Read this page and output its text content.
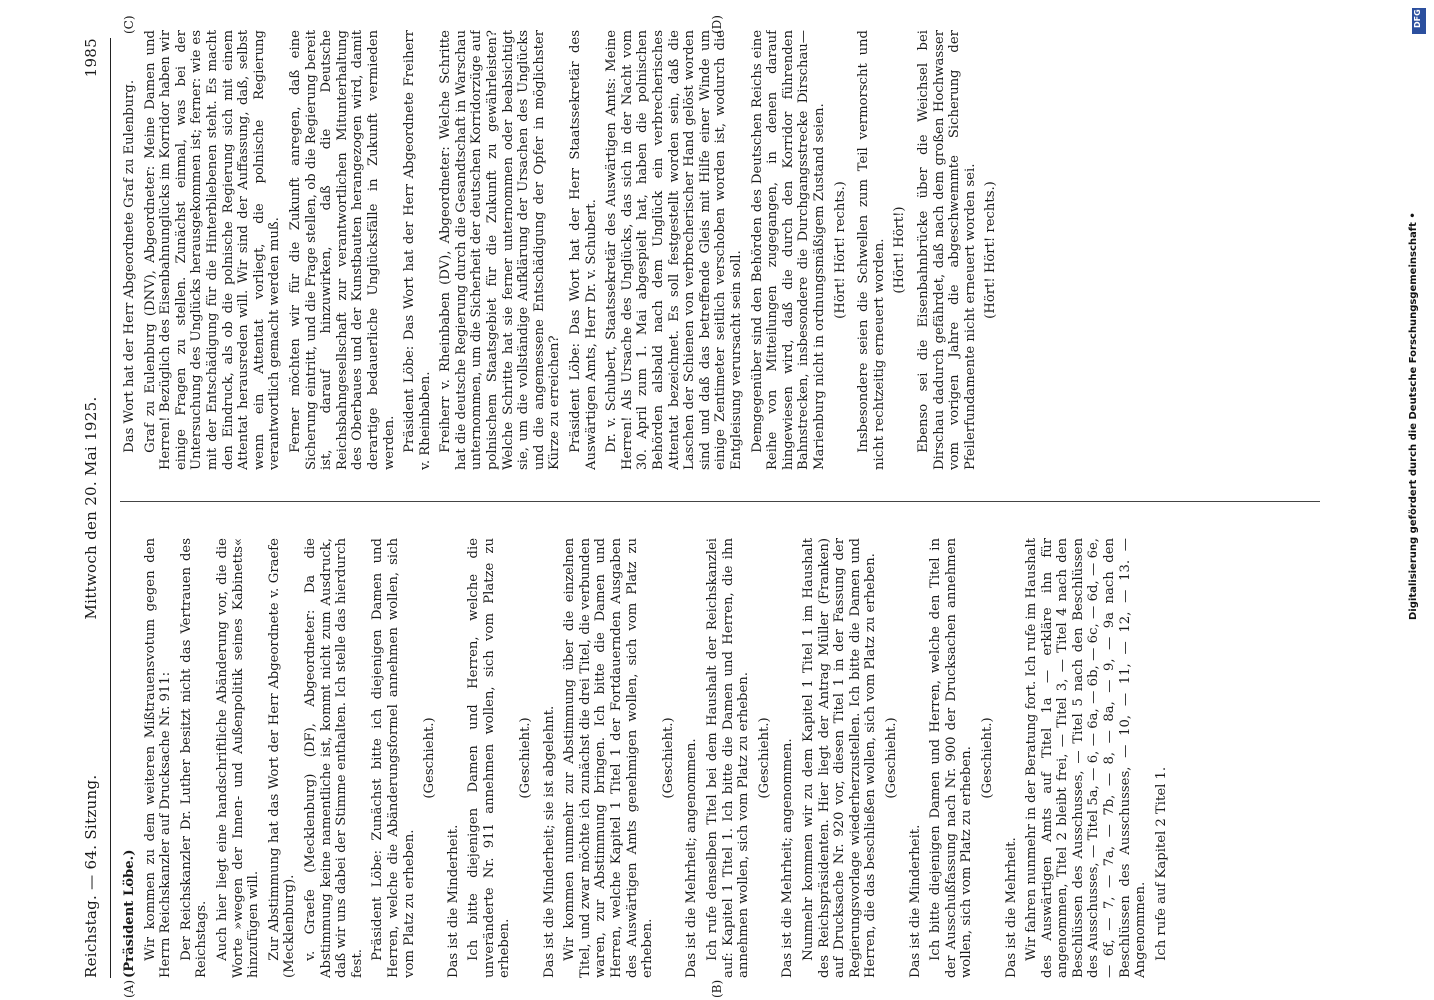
Reichstag. — 64. Sitzung.
Mittwoch den 20. Mai 1925.
1985
(A)	(B)
(C)	(D)

(Präsident Löbe.) Wir kommen zu dem weiteren Mißtrauensvotum gegen den Herrn Reichskanzler auf Drucksache Nr. 911: Der Reichskanzler Dr. Luther besitzt nicht das Vertrauen des Reichstags. Auch hier liegt eine handschriftliche Abänderung vor, die die Worte »wegen der Innen- und Außenpolitik seines Kabinetts« hinzufügen will. Zur Abstimmung hat das Wort der Herr Abgeordnete v. Graefe (Mecklenburg). v. Graefe (Mecklenburg) (DF), Abgeordneter: Da die Abstimmung keine namentliche ist, kommt nicht zum Ausdruck, daß wir uns dabei der Stimme enthalten. Ich stelle das hierdurch fest.

Präsident Löbe: Zunächst bitte ich diejenigen Damen und Herren, welche die Abänderungsformel annehmen wollen, sich vom Platz zu erheben.

(Geschieht.)

Das ist die Minderheit. Ich bitte diejenigen Damen und Herren, welche die unveränderte Nr. 911 annehmen wollen, sich vom Platze zu erheben.

(Geschieht.) Das ist die Minderheit; sie ist abgelehnt. Wir kommen nunmehr zur Abstimmung über die einzelnen Titel, und zwar möchte ich zunächst die drei Titel, die verbunden waren, zur Abstimmung bringen. Ich bitte die Damen und Herren, welche Kapitel 1 Titel 1 der Fortdauernden Ausgaben des Auswärtigen Amts genehmigen wollen, sich vom Platz zu erheben.

(Geschieht.) Das ist die Mehrheit; angenommen. Ich rufe denselben Titel bei dem Haushalt der Reichskanzlei auf: Kapitel 1 Titel 1. Ich bitte die Damen und Herren, die ihn annehmen wollen, sich vom Platz zu erheben. (Geschieht.) Das ist die Mehrheit; angenommen. Nunmehr kommen wir zu dem Kapitel 1 Titel 1 im Haushalt des Reichspräsidenten. Hier liegt der Antrag Müller (Franken) auf Drucksache Nr. 920 vor, diesen Titel 1 in der Fassung der Regierungsvorlage wiederherzustellen. Ich bitte die Damen und Herren, die das beschließen wollen, sich vom Platz zu erheben. (Geschieht.)

Das ist die Minderheit. Ich bitte diejenigen Damen und Herren, welche den Titel in der Ausschußfassung nach Nr. 900 der Drucksachen annehmen wollen, sich vom Platz zu erheben. (Geschieht.)

Das ist die Mehrheit. Wir fahren nunmehr in der Beratung fort. Ich rufe im Haushalt des Auswärtigen Amts auf Titel 1a — erkläre ihn für angenommen, Titel 2 bleibt frei, — Titel 3, — Titel 4 nach den Beschlüssen des Ausschusses, — Titel 5 nach den Beschlüssen des Ausschusses, — Titel 5a, — 6, — 6a, — 6b, — 6c, — 6d, — 6e, — 6f, — 7, — 7a, — 7b, — 8, — 8a, — 9, — 9a nach den Beschlüssen des Ausschusses, — 10, — 11, — 12, — 13. — Angenommen. Ich rufe auf Kapitel 2 Titel 1.

Das Wort hat der Herr Abgeordnete Graf zu Eulenburg. Graf zu Eulenburg (DNV), Abgeordneter: Meine Damen und Herren! Bezüglich des Eisenbahnunglücks im Korridor haben wir einige Fragen zu stellen. Zunächst einmal, was bei der Untersuchung des Unglücks herausgekommen ist; ferner: wie es mit der Entschädigung für die Hinterbliebenen steht. Es macht den Eindruck, als ob die polnische Regierung sich mit einem Attentat herausreden will. Wir sind der Auffassung, daß, selbst wenn ein Attentat vorliegt, die polnische Regierung verantwortlich gemacht werden muß. Ferner möchten wir für die Zukunft anregen, daß eine Sicherung eintritt, und die Frage stellen, ob die Regierung bereit ist, darauf hinzuwirken, daß die Deutsche Reichsbahngesellschaft zur verantwortlichen Mitunterhaltung des Oberbaues und der Kunstbauten herangezogen wird, damit derartige bedauerliche Unglücksfälle in Zukunft vermieden werden. Präsident Löbe: Das Wort hat der Herr Abgeordnete Freiherr v. Rheinbaben. Freiherr v. Rheinbaben (DV), Abgeordneter: Welche Schritte hat die deutsche Regierung durch die Gesandtschaft in Warschau unternommen, um die Sicherheit der deutschen Korridorzüge auf polnischem Staatsgebiet für die Zukunft zu gewährleisten? Welche Schritte hat sie ferner unternommen oder beabsichtigt sie, um die vollständige Aufklärung der Ursachen des Unglücks und die angemessene Entschädigung der Opfer in möglichster Kürze zu erreichen? Präsident Löbe: Das Wort hat der Herr Staatssekretär des Auswärtigen Amts, Herr Dr. v. Schubert. Dr. v. Schubert, Staatssekretär des Auswärtigen Amts: Meine Herren! Als Ursache des Unglücks, das sich in der Nacht vom 30. April zum 1. Mai abgespielt hat, haben die polnischen Behörden alsbald nach dem Unglück ein verbrecherisches Attentat bezeichnet. Es soll festgestellt worden sein, daß die Laschen der Schienen von verbrecherischer Hand gelöst worden sind und daß das betreffende Gleis mit Hilfe einer Winde um einige Zentimeter seitlich verschoben worden ist, wodurch die Entgleisung verursacht sein soll. Demgegenüber sind den Behörden des Deutschen Reichs eine Reihe von Mitteilungen zugegangen, in denen darauf hingewiesen wird, daß die durch den Korridor führenden Bahnstrecken, insbesondere die Durchgangsstrecke Dirschau—Marienburg nicht in ordnungsmäßigem Zustand seien. (Hört! Hört! rechts.) Insbesondere seien die Schwellen zum Teil vermorscht und nicht rechtzeitig erneuert worden. (Hört! Hört!) Ebenso sei die Eisenbahnbrücke über die Weichsel bei Dirschau dadurch gefährdet, daß nach dem großen Hochwasser vom vorigen Jahre die abgeschwemmte Sicherung der Pfeilerfundamente nicht erneuert worden sei. (Hört! Hört! rechts.)

DFG
Digitalisierung gefördert durch die Deutsche Forschungsgemeinschaft •
